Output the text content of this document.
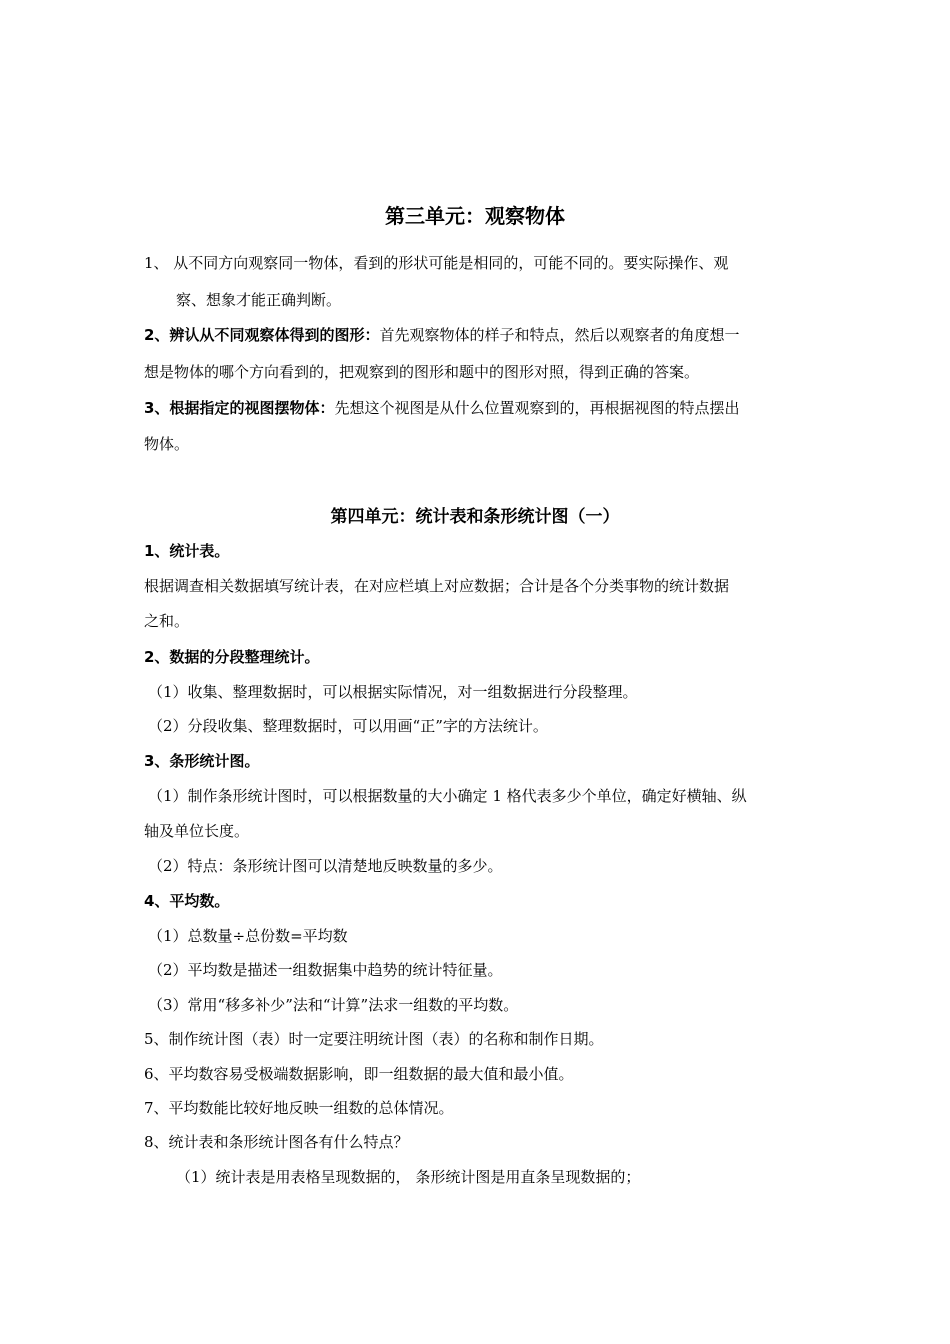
第三单元：观察物体
1、 从不同方向观察同一物体，看到的形状可能是相同的，可能不同的。要实际操作、观
察、想象才能正确判断。
2、辨认从不同观察体得到的图形：首先观察物体的样子和特点，然后以观察者的角度想一
想是物体的哪个方向看到的，把观察到的图形和题中的图形对照，得到正确的答案。
3、根据指定的视图摆物体：先想这个视图是从什么位置观察到的，再根据视图的特点摆出
物体。
第四单元：统计表和条形统计图（一）
1、统计表。
根据调查相关数据填写统计表，在对应栏填上对应数据；合计是各个分类事物的统计数据
之和。
2、数据的分段整理统计。
（1）收集、整理数据时，可以根据实际情况，对一组数据进行分段整理。
（2）分段收集、整理数据时，可以用画“正”字的方法统计。
3、条形统计图。
（1）制作条形统计图时，可以根据数量的大小确定 1 格代表多少个单位，确定好横轴、纵
轴及单位长度。
（2）特点：条形统计图可以清楚地反映数量的多少。
4、平均数。
（1）总数量÷总份数=平均数
（2）平均数是描述一组数据集中趋势的统计特征量。
（3）常用“移多补少”法和“计算”法求一组数的平均数。
5、制作统计图（表）时一定要注明统计图（表）的名称和制作日期。
6、平均数容易受极端数据影响，即一组数据的最大值和最小值。
7、平均数能比较好地反映一组数的总体情况。
8、统计表和条形统计图各有什么特点？
（1）统计表是用表格呈现数据的， 条形统计图是用直条呈现数据的；
